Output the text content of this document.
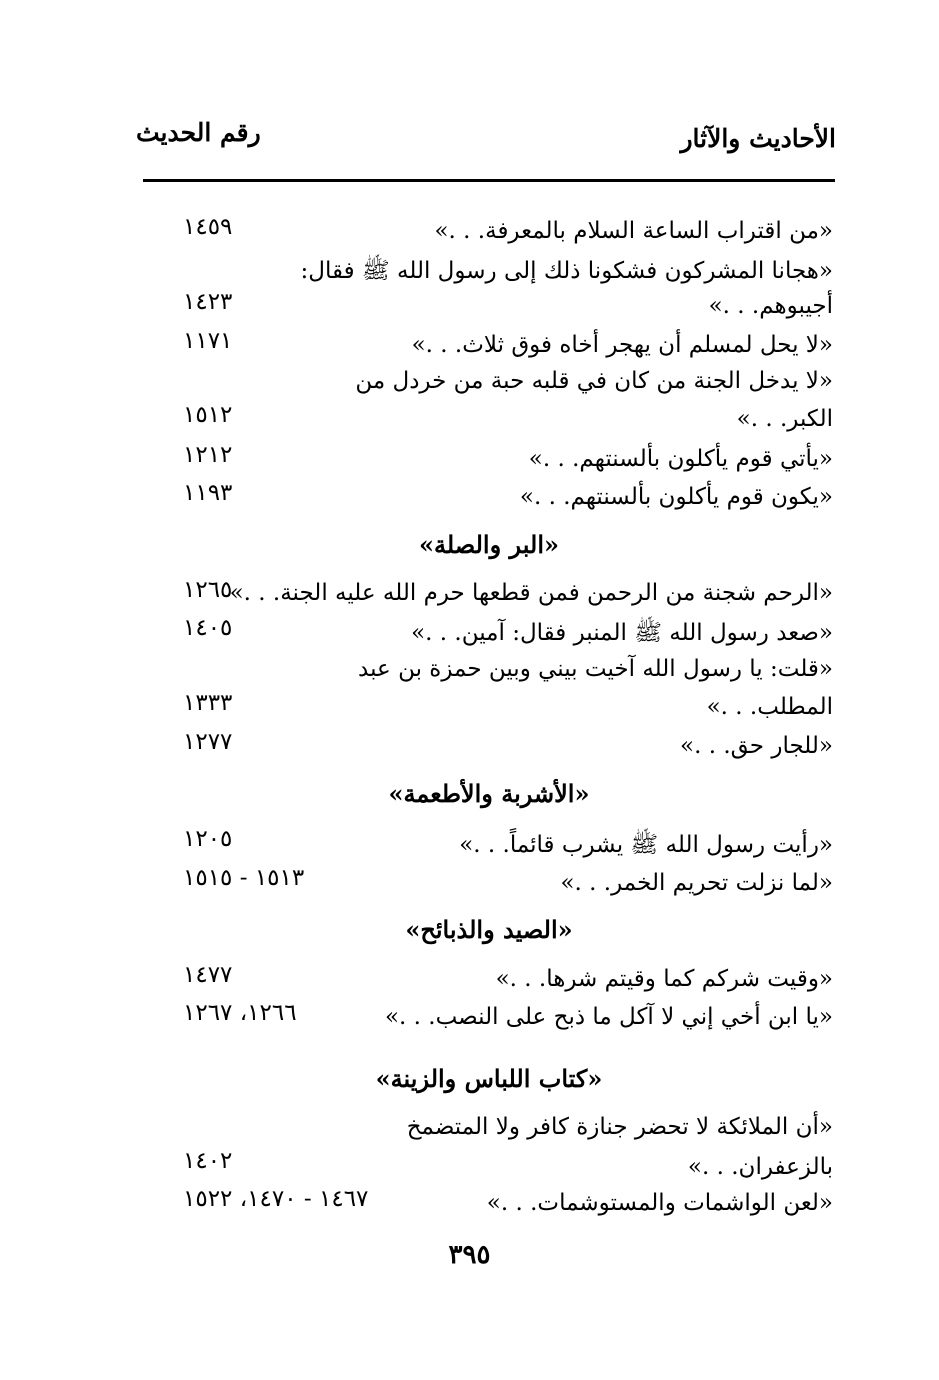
رقم الحديث	الأحاديث والآثار
«من اقتراب الساعة السلام بالمعرفة. . .»
١٤٥٩
«هجانا المشركون فشكونا ذلك إلى رسول الله ﷺ فقال:
أجيبوهم. . .»
١٤٢٣
«لا يحل لمسلم أن يهجر أخاه فوق ثلاث. . .»
١١٧١
«لا يدخل الجنة من كان في قلبه حبة من خردل من
الكبر. . .»
١٥١٢
«يأتي قوم يأكلون بألسنتهم. . .»
١٢١٢
«يكون قوم يأكلون بألسنتهم. . .»
١١٩٣
«البر والصلة»
«الرحم شجنة من الرحمن فمن قطعها حرم الله عليه الجنة. . .»
١٢٦٥
«صعد رسول الله ﷺ المنبر فقال: آمين. . .»
١٤٠٥
«قلت: يا رسول الله آخيت بيني وبين حمزة بن عبد
المطلب. . .»
١٣٣٣
«للجار حق. . .»
١٢٧٧
«الأشربة والأطعمة»
«رأيت رسول الله ﷺ يشرب قائماً. . .»
١٢٠٥
«لما نزلت تحريم الخمر. . .»
١٥١٣ - ١٥١٥
«الصيد والذبائح»
«وقيت شركم كما وقيتم شرها. . .»
١٤٧٧
«يا ابن أخي إني لا آكل ما ذبح على النصب. . .»
١٢٦٦، ١٢٦٧
«كتاب اللباس والزينة»
«أن الملائكة لا تحضر جنازة كافر ولا المتضمخ
بالزعفران. . .»
١٤٠٢
«لعن الواشمات والمستوشمات. . .»
١٤٦٧ - ١٤٧٠، ١٥٢٢
٣٩٥
